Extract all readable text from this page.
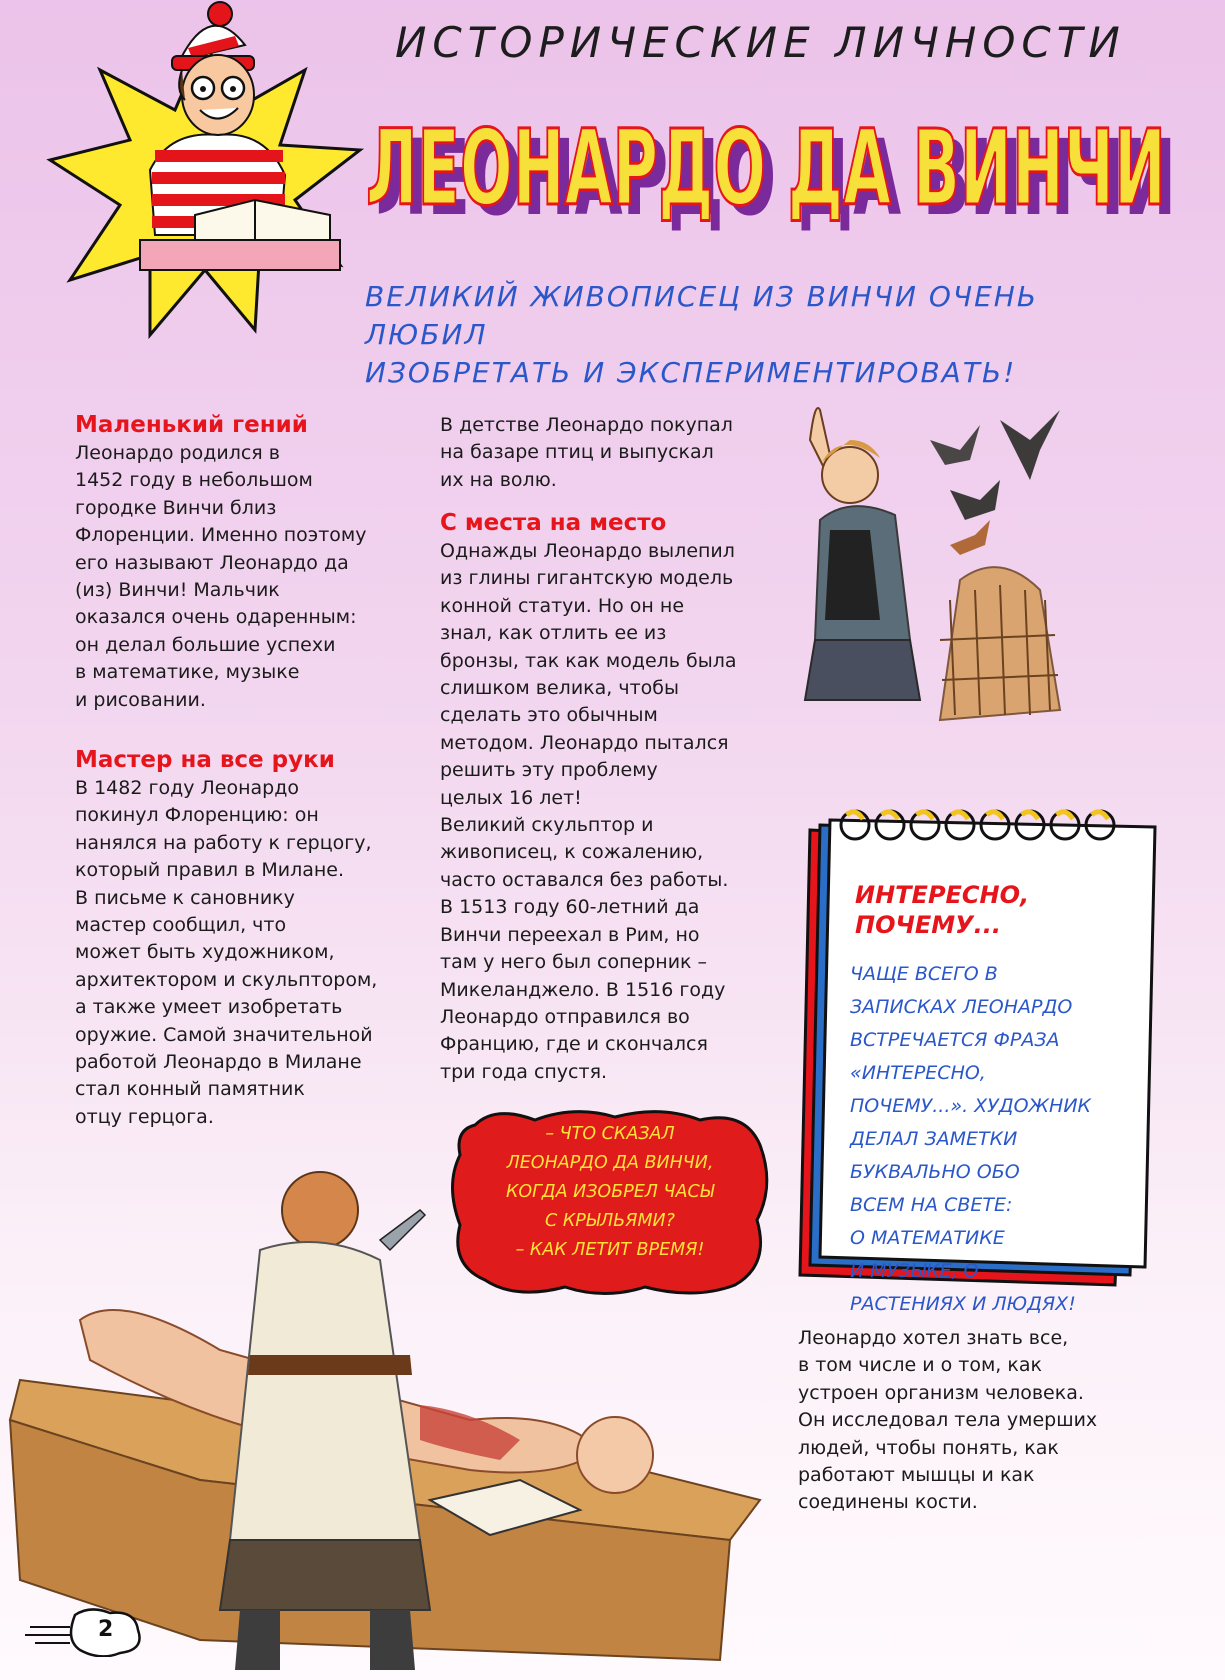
ИСТОРИЧЕСКИЕ ЛИЧНОСТИ
ЛЕОНАРДО ДА ВИНЧИ
ЛЕОНАРДО ДА ВИНЧИ
ВЕЛИКИЙ ЖИВОПИСЕЦ ИЗ ВИНЧИ ОЧЕНЬ ЛЮБИЛ
ИЗОБРЕТАТЬ И ЭКСПЕРИМЕНТИРОВАТЬ!
Маленький гений

Леонардо родился в

1452 году в небольшом

городке Винчи близ

Флоренции. Именно поэтому

его называют Леонардо да

(из) Винчи! Мальчик

оказался очень одаренным:

он делал большие успехи

в математике, музыке

и рисовании.

Мастер на все руки

В 1482 году Леонардо

покинул Флоренцию: он

нанялся на работу к герцогу,

который правил в Милане.

В письме к сановнику

мастер сообщил, что

может быть художником,

архитектором и скульптором,

а также умеет изобретать

оружие. Самой значительной

работой Леонардо в Милане

стал конный памятник

отцу герцога.

В детстве Леонардо покупал

на базаре птиц и выпускал

их на волю.

С места на место

Однажды Леонардо вылепил

из глины гигантскую модель

конной статуи. Но он не

знал, как отлить ее из

бронзы, так как модель была

слишком велика, чтобы

сделать это обычным

методом. Леонардо пытался

решить эту проблему

целых 16 лет!

Великий скульптор и

живописец, к сожалению,

часто оставался без работы.

В 1513 году 60-летний да

Винчи переехал в Рим, но

там у него был соперник –

Микеланджело. В 1516 году

Леонардо отправился во

Францию, где и скончался

три года спустя.

ИНТЕРЕСНО,
ПОЧЕМУ...
ЧАЩЕ ВСЕГО В
ЗАПИСКАХ ЛЕОНАРДО
ВСТРЕЧАЕТСЯ ФРАЗА
«ИНТЕРЕСНО,
ПОЧЕМУ...». ХУДОЖНИК
ДЕЛАЛ ЗАМЕТКИ
БУКВАЛЬНО ОБО
ВСЕМ НА СВЕТЕ:
О МАТЕМАТИКЕ
И МУЗЫКЕ, О
РАСТЕНИЯХ И ЛЮДЯХ!
– ЧТО СКАЗАЛ
ЛЕОНАРДО ДА ВИНЧИ,
КОГДА ИЗОБРЕЛ ЧАСЫ
С КРЫЛЬЯМИ?
– КАК ЛЕТИТ ВРЕМЯ!

Леонардо хотел знать все,

в том числе и о том, как

устроен организм человека.

Он исследовал тела умерших

людей, чтобы понять, как

работают мышцы и как

соединены кости.

2
